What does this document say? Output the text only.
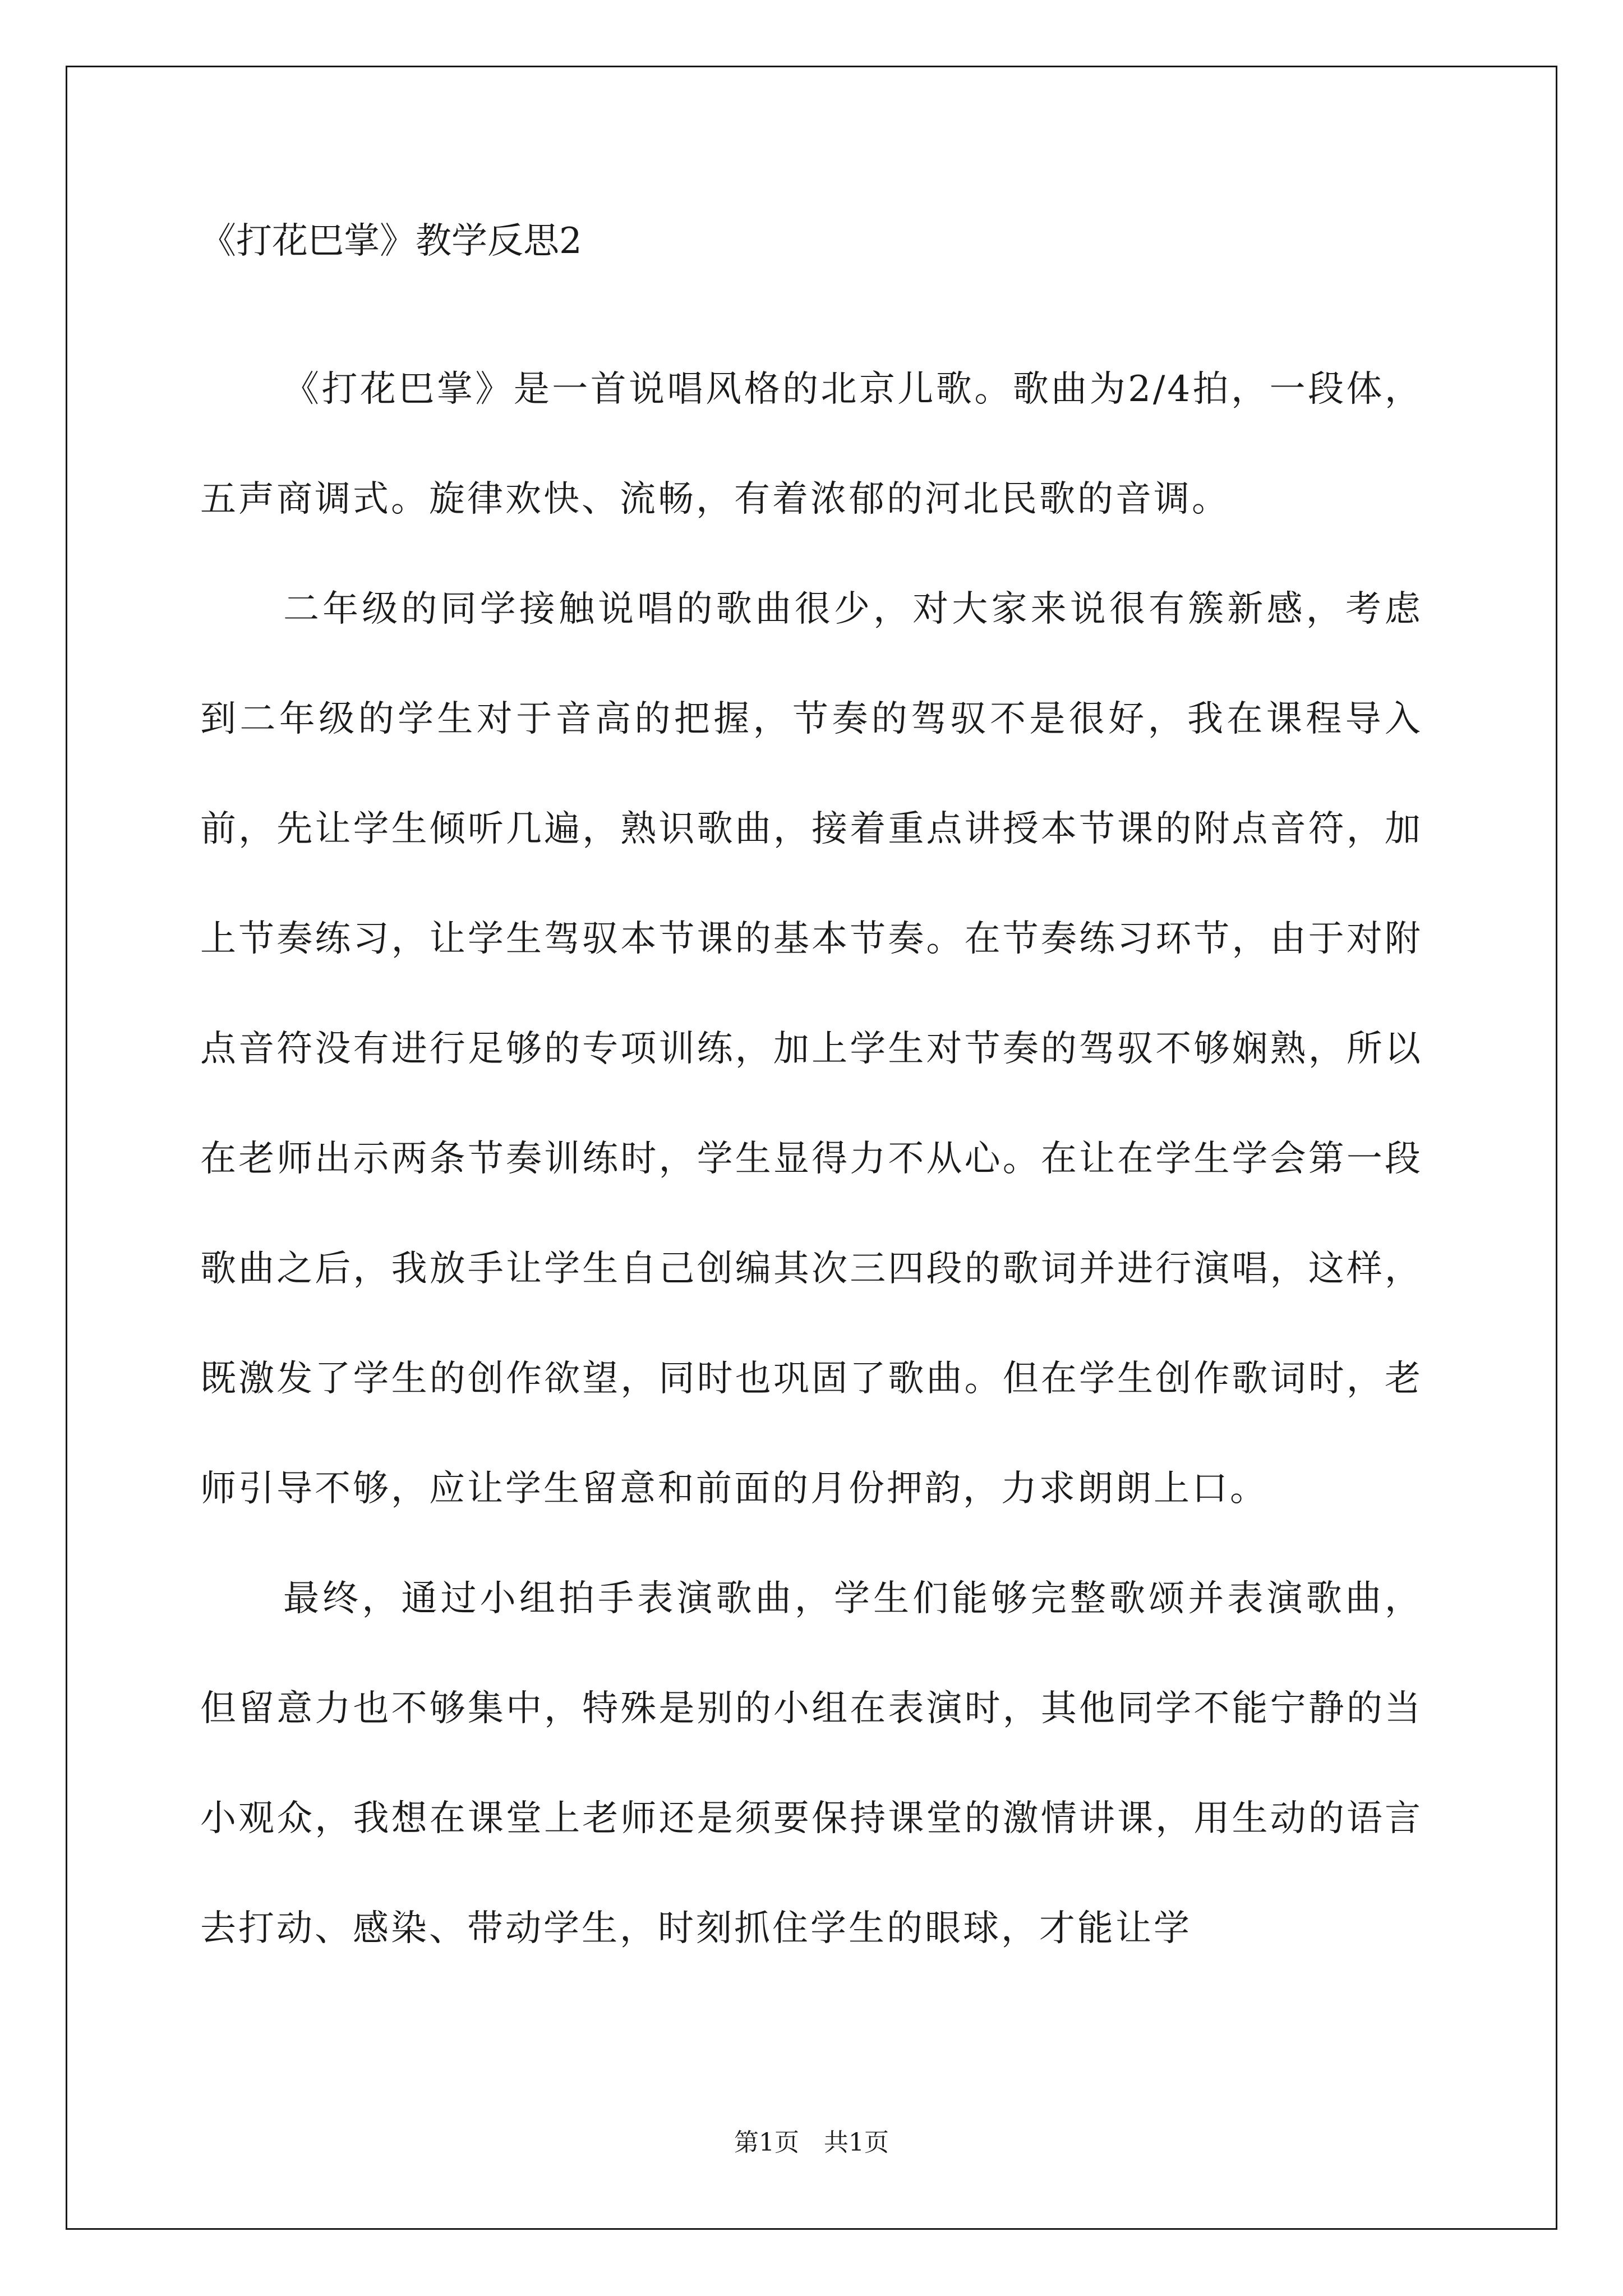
《打花巴掌》教学反思2

《打花巴掌》是一首说唱风格的北京儿歌。歌曲为2/4拍，一段体，五声商调式。旋律欢快、流畅，有着浓郁的河北民歌的音调。

二年级的同学接触说唱的歌曲很少，对大家来说很有簇新感，考虑到二年级的学生对于音高的把握，节奏的驾驭不是很好，我在课程导入前，先让学生倾听几遍，熟识歌曲，接着重点讲授本节课的附点音符，加上节奏练习，让学生驾驭本节课的基本节奏。在节奏练习环节，由于对附点音符没有进行足够的专项训练，加上学生对节奏的驾驭不够娴熟，所以在老师出示两条节奏训练时，学生显得力不从心。在让在学生学会第一段歌曲之后，我放手让学生自己创编其次三四段的歌词并进行演唱，这样，既激发了学生的创作欲望，同时也巩固了歌曲。但在学生创作歌词时，老师引导不够，应让学生留意和前面的月份押韵，力求朗朗上口。

最终，通过小组拍手表演歌曲，学生们能够完整歌颂并表演歌曲，但留意力也不够集中，特殊是别的小组在表演时，其他同学不能宁静的当小观众，我想在课堂上老师还是须要保持课堂的激情讲课，用生动的语言去打动、感染、带动学生，时刻抓住学生的眼球，才能让学

第1页　共1页
